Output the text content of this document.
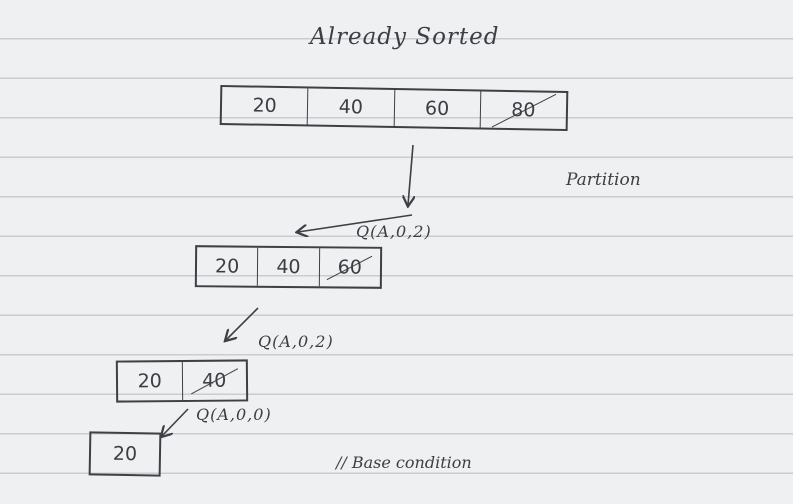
Already Sorted
Partition
20	40	60	80
Q(A,0,2)
20	40	60
Q(A,0,2)
20	40
Q(A,0,0)
20	// Base condition
